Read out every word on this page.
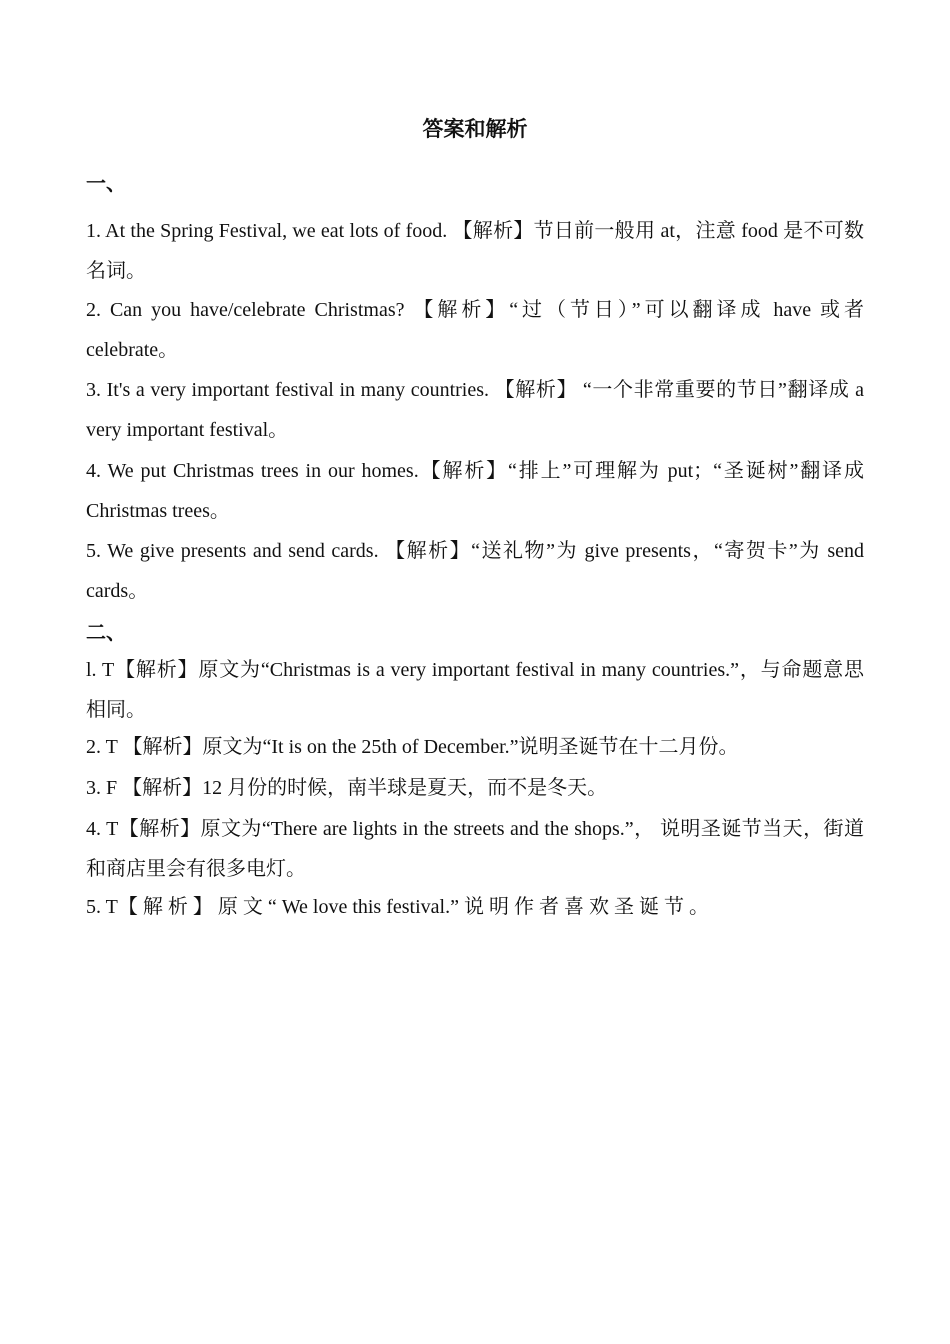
答案和解析
一、
1. At the Spring Festival, we eat lots of food. 【解析】节日前一般用 at，注意 food 是不可数名词。
2. Can you have/celebrate Christmas? 【解析】“过（节日）”可以翻译成 have 或者 celebrate。
3. It's a very important festival in many countries. 【解析】 “一个非常重要的节日”翻译成 a very important festival。
4. We put Christmas trees in our homes.【解析】“排上”可理解为 put；“圣诞树”翻译成 Christmas trees。
5. We give presents and send cards. 【解析】“送礼物”为 give presents，“寄贺卡”为 send cards。
二、
l. T【解析】原文为“Christmas is a very important festival in many countries.”，与命题意思相同。
2. T 【解析】原文为“It is on the 25th of December.”说明圣诞节在十二月份。
3. F 【解析】12 月份的时候，南半球是夏天，而不是冬天。
4. T【解析】原文为“There are lights in the streets and the shops.”， 说明圣诞节当天，街道和商店里会有很多电灯。
5. T【 解 析 】 原 文 “ We love this festival.” 说 明 作 者 喜 欢 圣 诞 节 。
